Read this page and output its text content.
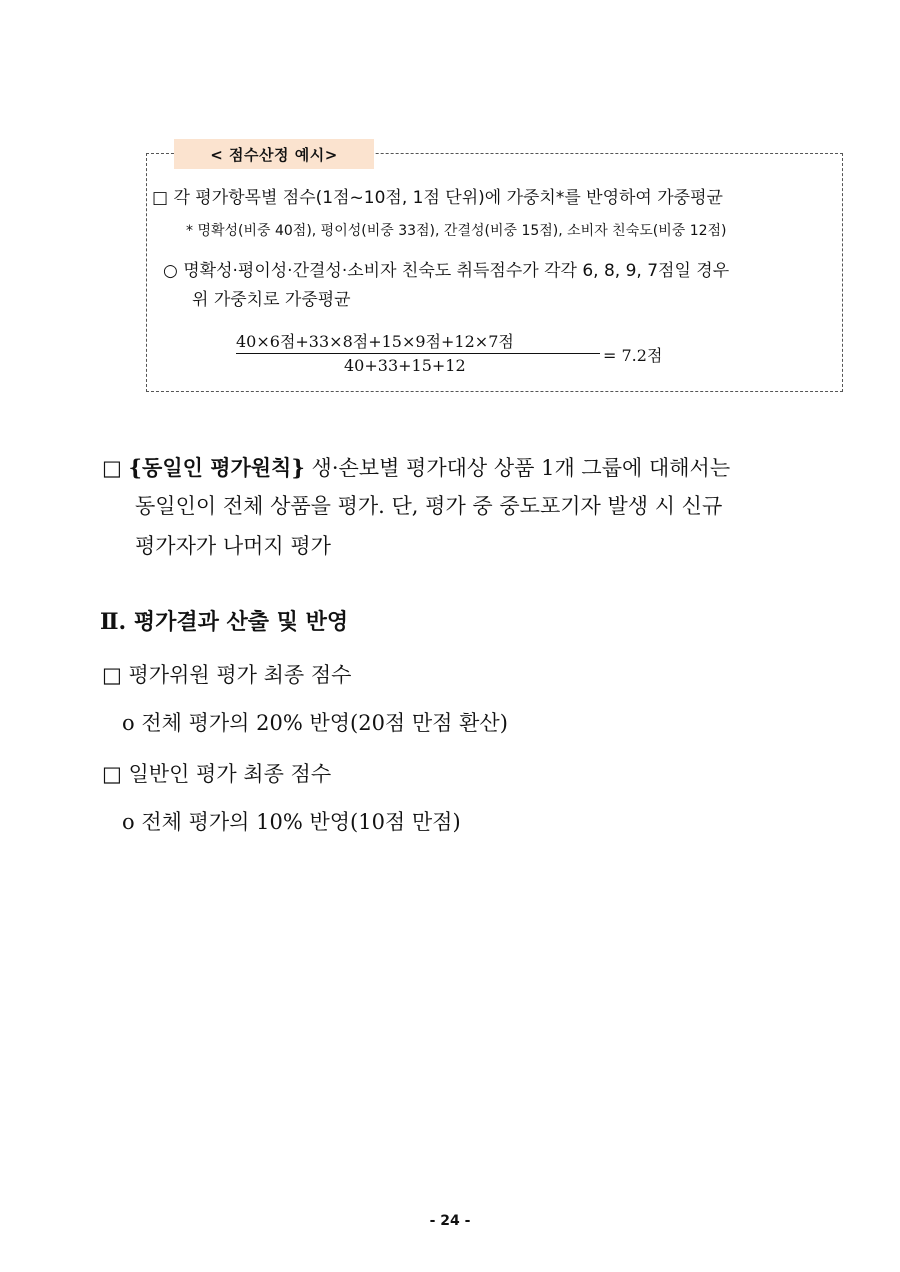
< 점수산정 예시>
□ 각 평가항목별 점수(1점~10점, 1점 단위)에 가중치*를 반영하여 가중평균
* 명확성(비중 40점), 평이성(비중 33점), 간결성(비중 15점), 소비자 친숙도(비중 12점)
○ 명확성·평이성·간결성·소비자 친숙도 취득점수가 각각 6, 8, 9, 7점일 경우
위 가중치로 가중평균
40×6점+33×8점+15×9점+12×7점
40+33+15+12
= 7.2점
□ {동일인 평가원칙} 생·손보별 평가대상 상품 1개 그룹에 대해서는
동일인이 전체 상품을 평가. 단, 평가 중 중도포기자 발생 시 신규
평가자가 나머지 평가
Ⅱ. 평가결과 산출 및 반영
□ 평가위원 평가 최종 점수
o 전체 평가의 20% 반영(20점 만점 환산)
□ 일반인 평가 최종 점수
o 전체 평가의 10% 반영(10점 만점)
- 24 -
